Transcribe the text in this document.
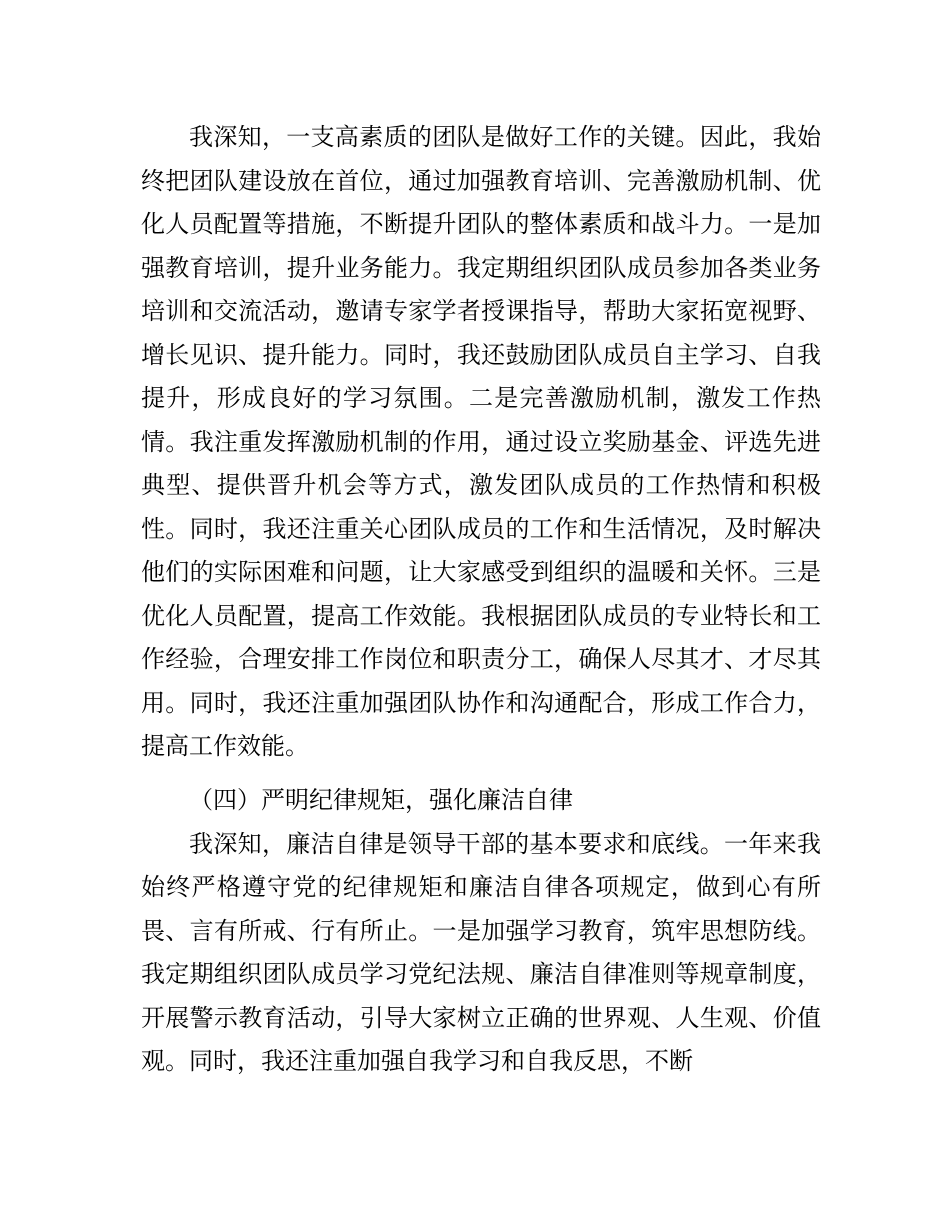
我深知，一支高素质的团队是做好工作的关键。因此，我始终把团队建设放在首位，通过加强教育培训、完善激励机制、优化人员配置等措施，不断提升团队的整体素质和战斗力。一是加强教育培训，提升业务能力。我定期组织团队成员参加各类业务培训和交流活动，邀请专家学者授课指导，帮助大家拓宽视野、增长见识、提升能力。同时，我还鼓励团队成员自主学习、自我提升，形成良好的学习氛围。二是完善激励机制，激发工作热情。我注重发挥激励机制的作用，通过设立奖励基金、评选先进典型、提供晋升机会等方式，激发团队成员的工作热情和积极性。同时，我还注重关心团队成员的工作和生活情况，及时解决他们的实际困难和问题，让大家感受到组织的温暖和关怀。三是优化人员配置，提高工作效能。我根据团队成员的专业特长和工作经验，合理安排工作岗位和职责分工，确保人尽其才、才尽其用。同时，我还注重加强团队协作和沟通配合，形成工作合力，提高工作效能。

（四）严明纪律规矩，强化廉洁自律

我深知，廉洁自律是领导干部的基本要求和底线。一年来我始终严格遵守党的纪律规矩和廉洁自律各项规定，做到心有所畏、言有所戒、行有所止。一是加强学习教育，筑牢思想防线。我定期组织团队成员学习党纪法规、廉洁自律准则等规章制度，开展警示教育活动，引导大家树立正确的世界观、人生观、价值观。同时，我还注重加强自我学习和自我反思，不断
